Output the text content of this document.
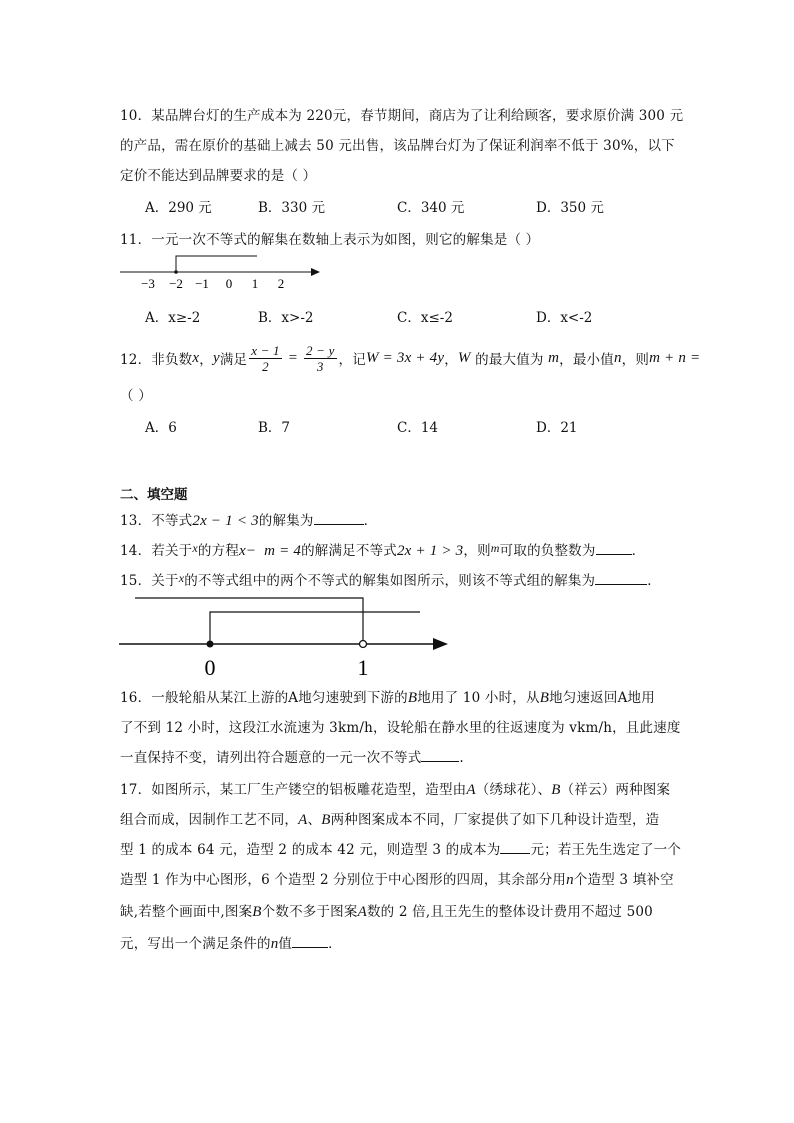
10．某品牌台灯的生产成本为 220元，春节期间，商店为了让利给顾客，要求原价满 300 元
的产品，需在原价的基础上减去 50 元出售，该品牌台灯为了保证利润率不低于 30%，以下
定价不能达到品牌要求的是（ ）
A．290 元	B．330 元	C．340 元	D．350 元
11．一元一次不等式的解集在数轴上表示为如图，则它的解集是（ ）
−3 −2 −1 0 1 2
A．x≥-2	B．x>-2	C．x≤-2	D．x<-2
12．非负数 x ， y 满足 $\frac{x - 1}{2} = \frac{2 - y}{3}$ ，记 W = 3x + 4y ， W 的最大值为 m ，最小值 n ，则 m + n =
（ ）
A．6	B．7	C．14	D．21
二、填空题
13．不等式2x − 1 < 3的解集为	．
14．若关于x的方程x−  m = 4的解满足不等式2x + 1 > 3，则m可取的负整数为	．
15．关于x的不等式组中的两个不等式的解集如图所示，则该不等式组的解集为	．
0	1
16．一般轮船从某江上游的A地匀速驶到下游的B地用了 10 小时，从B地匀速返回A地用
了不到 12 小时，这段江水流速为 3km/h，设轮船在静水里的往返速度为 vkm/h，且此速度
一直保持不变，请列出符合题意的一元一次不等式	.
17．如图所示，某工厂生产镂空的铝板雕花造型，造型由A（绣球花）、B（祥云）两种图案
组合而成，因制作工艺不同，A、B两种图案成本不同，厂家提供了如下几种设计造型，造
型 1 的成本 64 元，造型 2 的成本 42 元，则造型 3 的成本为 元；若王先生选定了一个
造型 1 作为中心图形，6 个造型 2 分别位于中心图形的四周，其余部分用n个造型 3 填补空
缺,若整个画面中,图案B个数不多于图案A数的 2 倍,且王先生的整体设计费用不超过 500
元，写出一个满足条件的n值	．
